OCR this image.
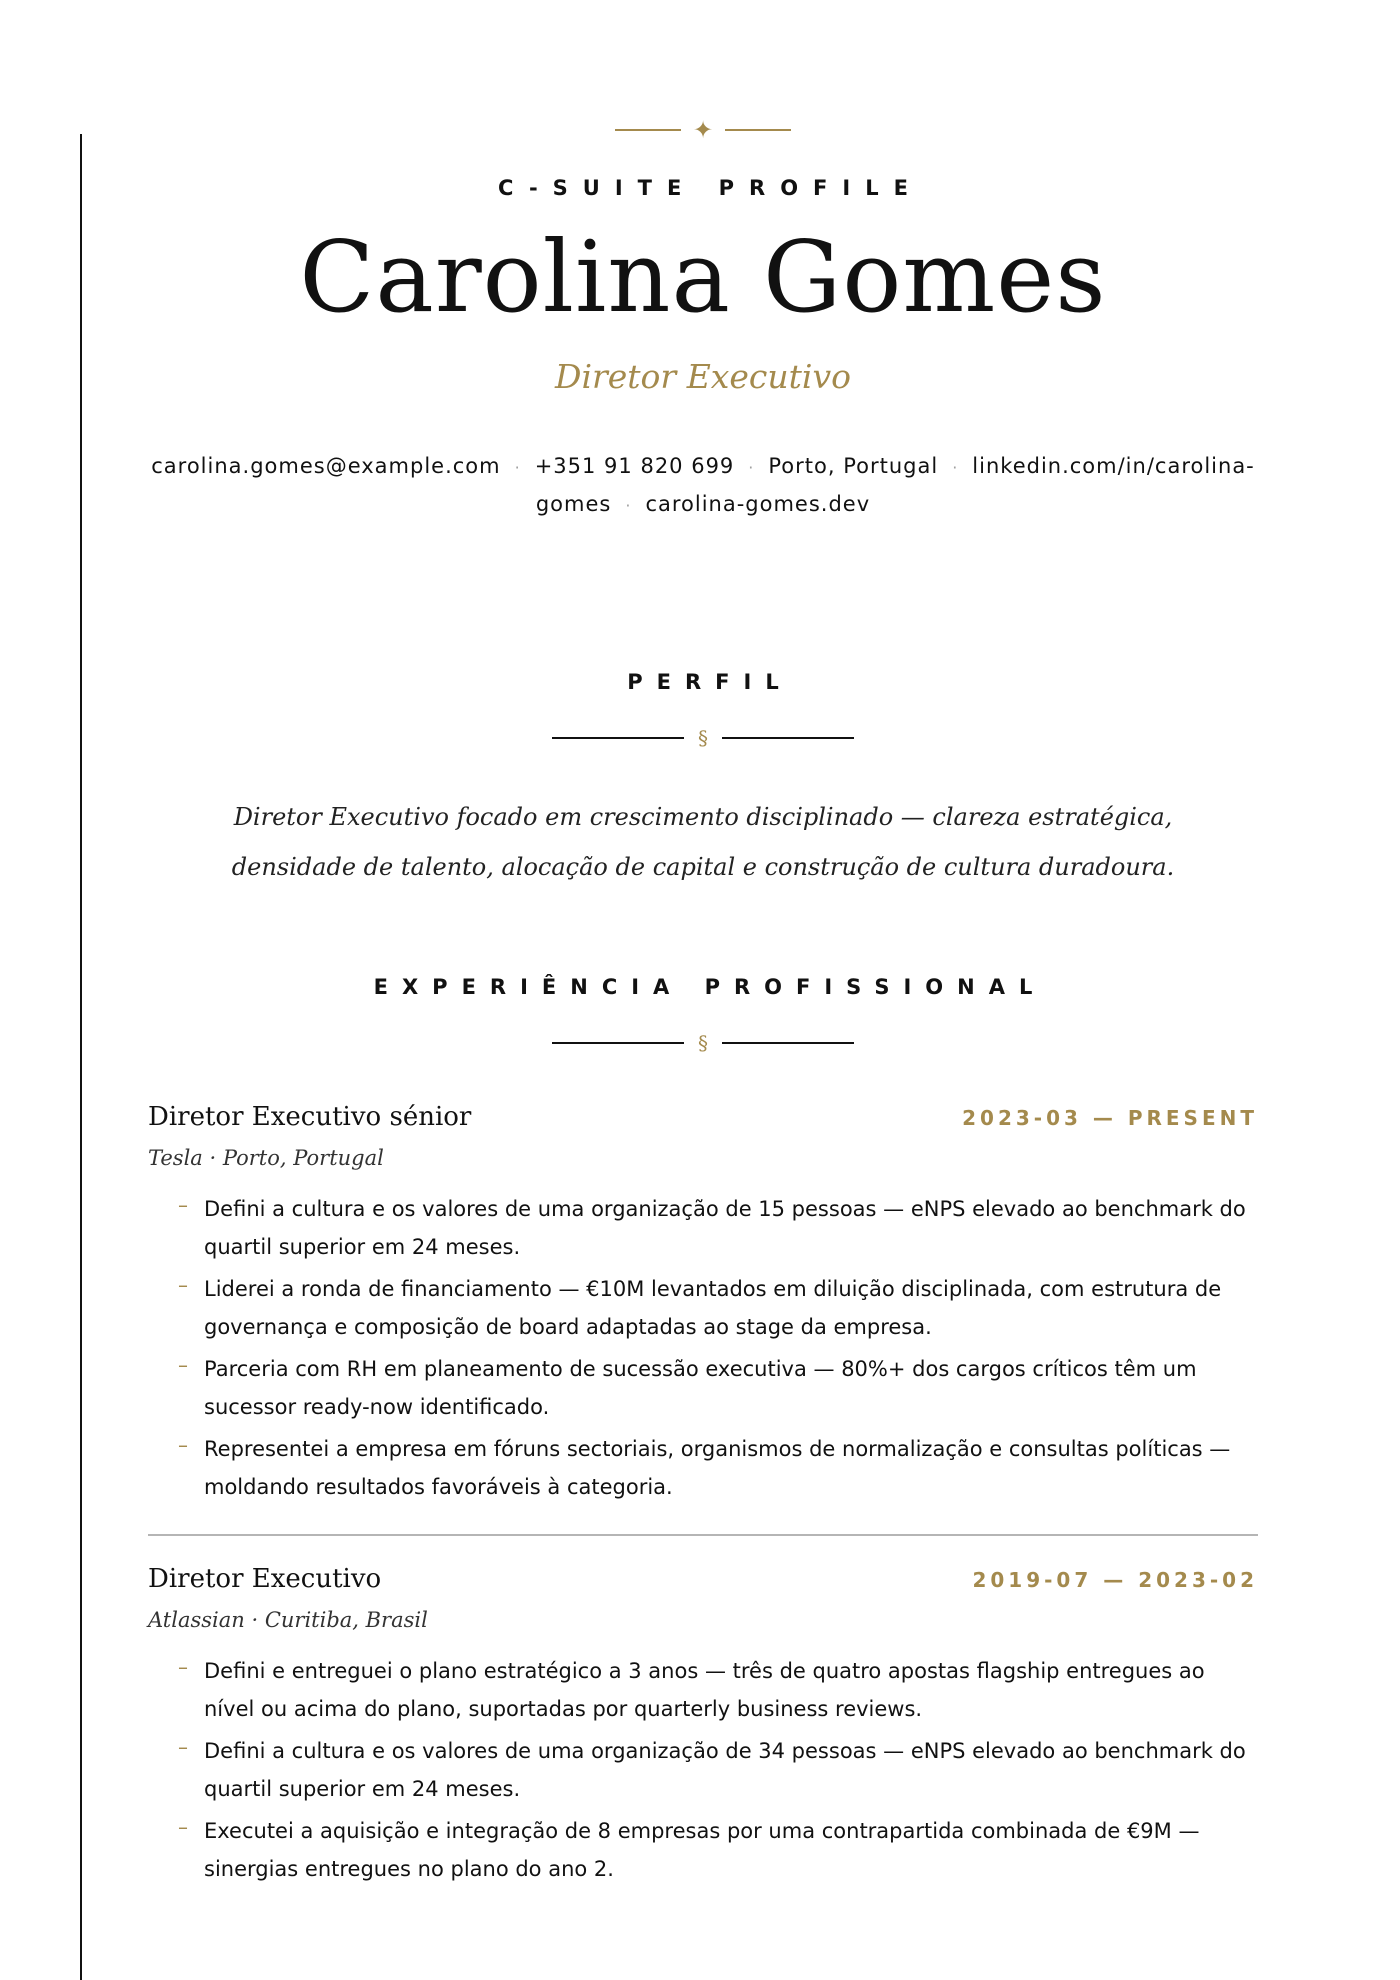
✦
C-SUITE PROFILE
Carolina Gomes
Diretor Executivo
carolina.gomes@example.com · +351 91 820 699 · Porto, Portugal · linkedin.com/in/carolina-gomes · carolina-gomes.dev
PERFIL
§
Diretor Executivo focado em crescimento disciplinado — clareza estratégica, densidade de talento, alocação de capital e construção de cultura duradoura.
EXPERIÊNCIA PROFISSIONAL
§
Diretor Executivo sénior	2023-03 — PRESENT
Tesla · Porto, Portugal
– Defini a cultura e os valores de uma organização de 15 pessoas — eNPS elevado ao benchmark do quartil superior em 24 meses.
– Liderei a ronda de financiamento — €10M levantados em diluição disciplinada, com estrutura de governança e composição de board adaptadas ao stage da empresa.
– Parceria com RH em planeamento de sucessão executiva — 80%+ dos cargos críticos têm um sucessor ready-now identificado.
– Representei a empresa em fóruns sectoriais, organismos de normalização e consultas políticas — moldando resultados favoráveis à categoria.
Diretor Executivo	2019-07 — 2023-02
Atlassian · Curitiba, Brasil
– Defini e entreguei o plano estratégico a 3 anos — três de quatro apostas flagship entregues ao nível ou acima do plano, suportadas por quarterly business reviews.
– Defini a cultura e os valores de uma organização de 34 pessoas — eNPS elevado ao benchmark do quartil superior em 24 meses.
– Executei a aquisição e integração de 8 empresas por uma contrapartida combinada de €9M — sinergias entregues no plano do ano 2.
